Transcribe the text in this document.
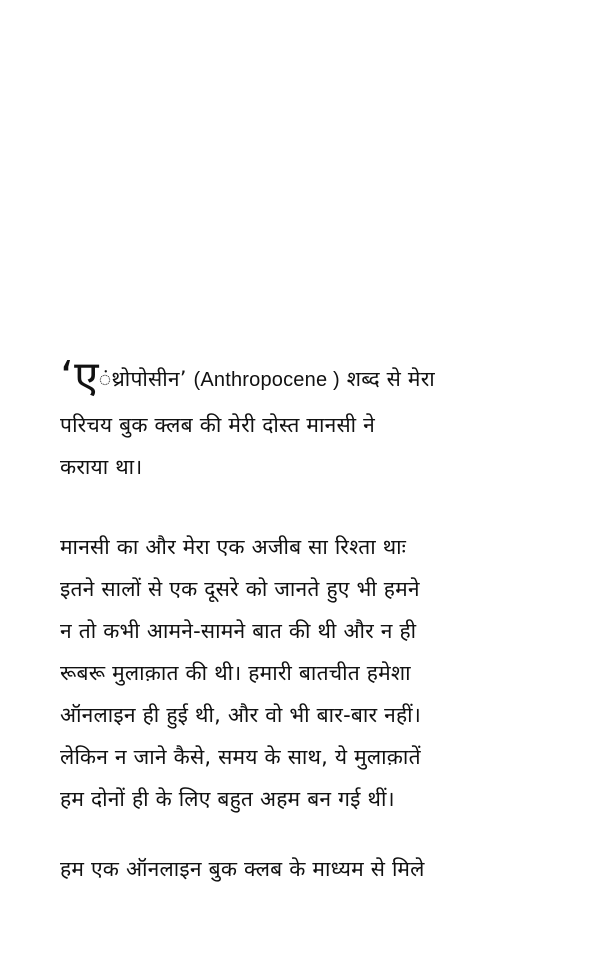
‘एंथ्रोपोसीन’ (Anthropocene ) शब्द से मेरा
परिचय बुक क्लब की मेरी दोस्त मानसी ने
कराया था।

मानसी का और मेरा एक अजीब सा रिश्ता थाः
इतने सालों से एक दूसरे को जानते हुए भी हमने
न तो कभी आमने-सामने बात की थी और न ही
रूबरू मुलाक़ात की थी। हमारी बातचीत हमेशा
ऑनलाइन ही हुई थी, और वो भी बार-बार नहीं।
लेकिन न जाने कैसे, समय के साथ, ये मुलाक़ातें
हम दोनों ही के लिए बहुत अहम बन गई थीं।

हम एक ऑनलाइन बुक क्लब के माध्यम से मिले
